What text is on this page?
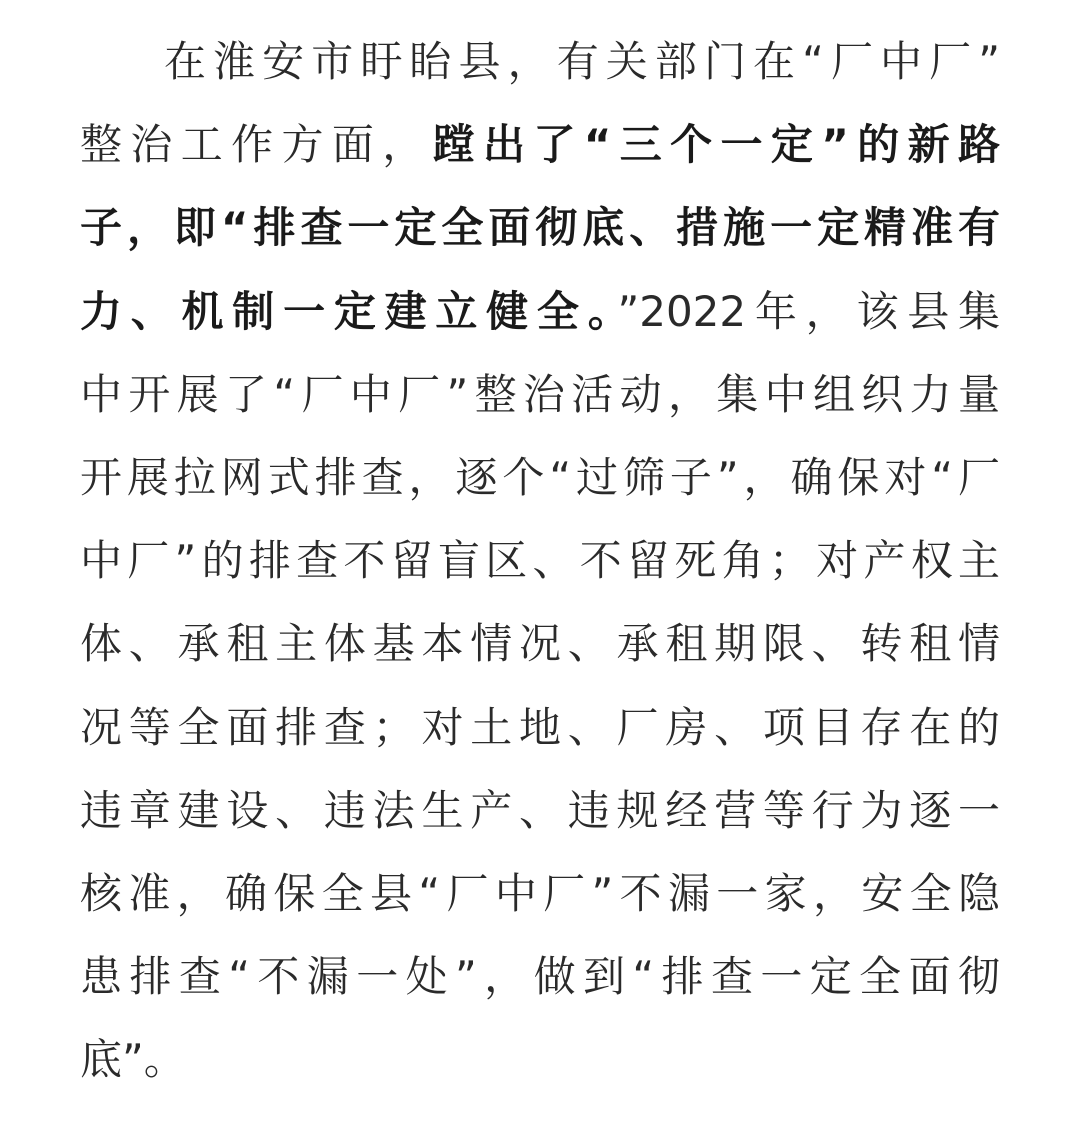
在淮安市盱眙县，有关部门在“厂中厂”
整治工作方面，蹚出了“三个一定”的新路
子，即“排查一定全面彻底、措施一定精准有
力、机制一定建立健全。”2022年，该县集
中开展了“厂中厂”整治活动，集中组织力量
开展拉网式排查，逐个“过筛子”，确保对“厂
中厂”的排查不留盲区、不留死角；对产权主
体、承租主体基本情况、承租期限、转租情
况等全面排查；对土地、厂房、项目存在的
违章建设、违法生产、违规经营等行为逐一
核准，确保全县“厂中厂”不漏一家，安全隐
患排查“不漏一处”，做到“排查一定全面彻
底”。
